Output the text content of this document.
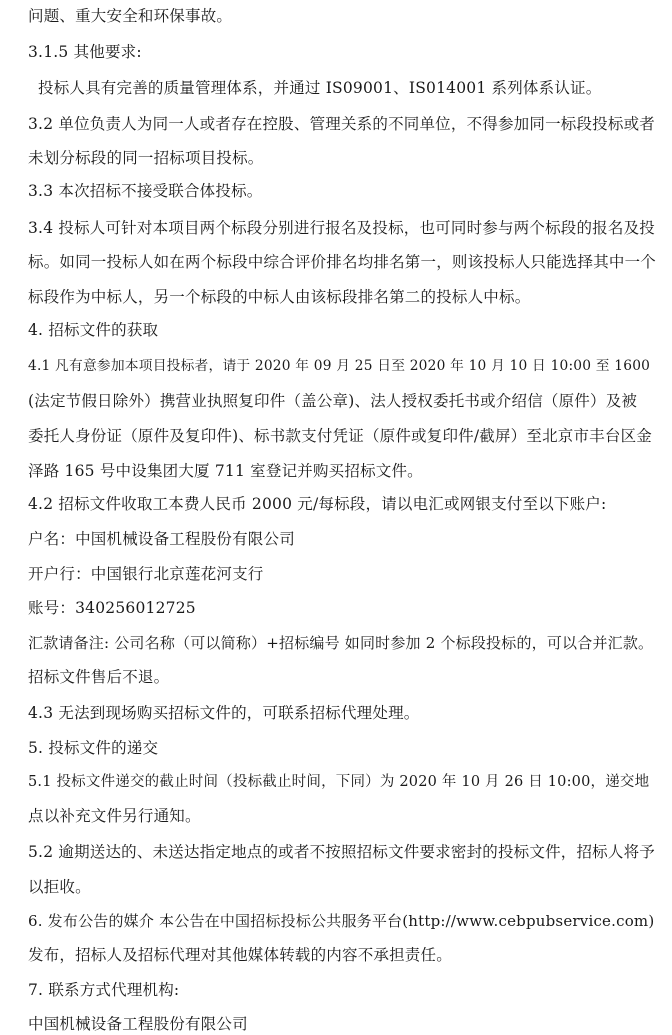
问题、重大安全和环保事故。
3.1.5 其他要求:
投标人具有完善的质量管理体系，并通过 IS09001、IS014001 系列体系认证。
3.2 单位负责人为同一人或者存在控股、管理关系的不同单位，不得参加同一标段投标或者
未划分标段的同一招标项目投标。
3.3 本次招标不接受联合体投标。
3.4 投标人可针对本项目两个标段分别进行报名及投标，也可同时参与两个标段的报名及投
标。如同一投标人如在两个标段中综合评价排名均排名第一，则该投标人只能选择其中一个
标段作为中标人，另一个标段的中标人由该标段排名第二的投标人中标。
4. 招标文件的获取
4.1 凡有意参加本项目投标者，请于 2020 年 09 月 25 日至 2020 年 10 月 10 日 10:00 至 1600
(法定节假日除外）携营业执照复印件（盖公章)、法人授权委托书或介绍信（原件）及被
委托人身份证（原件及复印件)、标书款支付凭证（原件或复印件/截屏）至北京市丰台区金
泽路 165 号中设集团大厦 711 室登记并购买招标文件。
4.2 招标文件收取工本费人民币 2000 元/每标段，请以电汇或网银支付至以下账户:
户名：中国机械设备工程股份有限公司
开户行：中国银行北京莲花河支行
账号：340256012725
汇款请备注: 公司名称（可以简称）+招标编号 如同时参加 2 个标段投标的，可以合并汇款。
招标文件售后不退。
4.3 无法到现场购买招标文件的，可联系招标代理处理。
5. 投标文件的递交
5.1 投标文件递交的截止时间（投标截止时间，下同）为 2020 年 10 月 26 日 10:00，递交地
点以补充文件另行通知。
5.2 逾期送达的、未送达指定地点的或者不按照招标文件要求密封的投标文件，招标人将予
以拒收。
6. 发布公告的媒介 本公告在中国招标投标公共服务平台(http://www.cebpubservice.com)
发布，招标人及招标代理对其他媒体转载的内容不承担责任。
7. 联系方式代理机构:
中国机械设备工程股份有限公司
